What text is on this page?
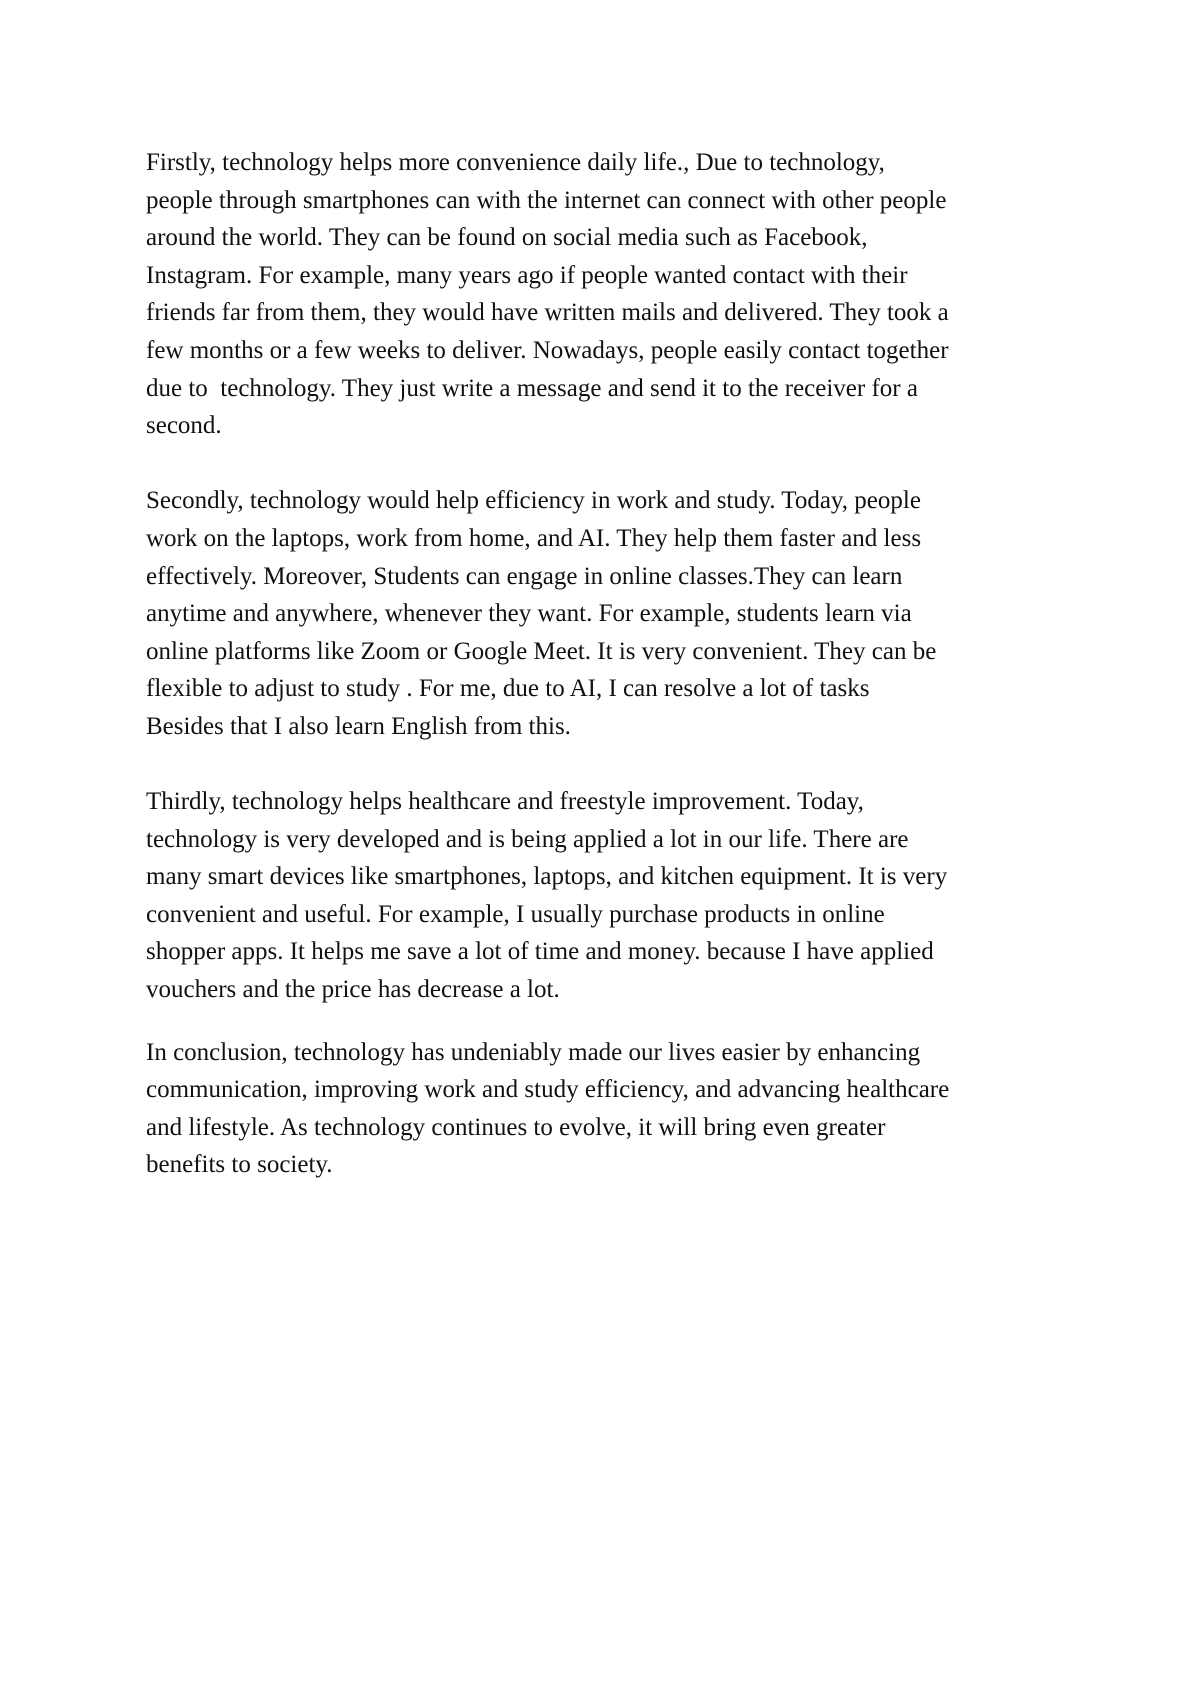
Firstly, technology helps more convenience daily life., Due to technology,
people through smartphones can with the internet can connect with other people
around the world. They can be found on social media such as Facebook,
Instagram. For example, many years ago if people wanted contact with their
friends far from them, they would have written mails and delivered. They took a
few months or a few weeks to deliver. Nowadays, people easily contact together
due to  technology. They just write a message and send it to the receiver for a
second.
Secondly, technology would help efficiency in work and study. Today, people
work on the laptops, work from home, and AI. They help them faster and less
effectively. Moreover, Students can engage in online classes.They can learn
anytime and anywhere, whenever they want. For example, students learn via
online platforms like Zoom or Google Meet. It is very convenient. They can be
flexible to adjust to study . For me, due to AI, I can resolve a lot of tasks
Besides that I also learn English from this.
Thirdly, technology helps healthcare and freestyle improvement. Today,
technology is very developed and is being applied a lot in our life. There are
many smart devices like smartphones, laptops, and kitchen equipment. It is very
convenient and useful. For example, I usually purchase products in online
shopper apps. It helps me save a lot of time and money. because I have applied
vouchers and the price has decrease a lot.
In conclusion, technology has undeniably made our lives easier by enhancing
communication, improving work and study efficiency, and advancing healthcare
and lifestyle. As technology continues to evolve, it will bring even greater
benefits to society.
